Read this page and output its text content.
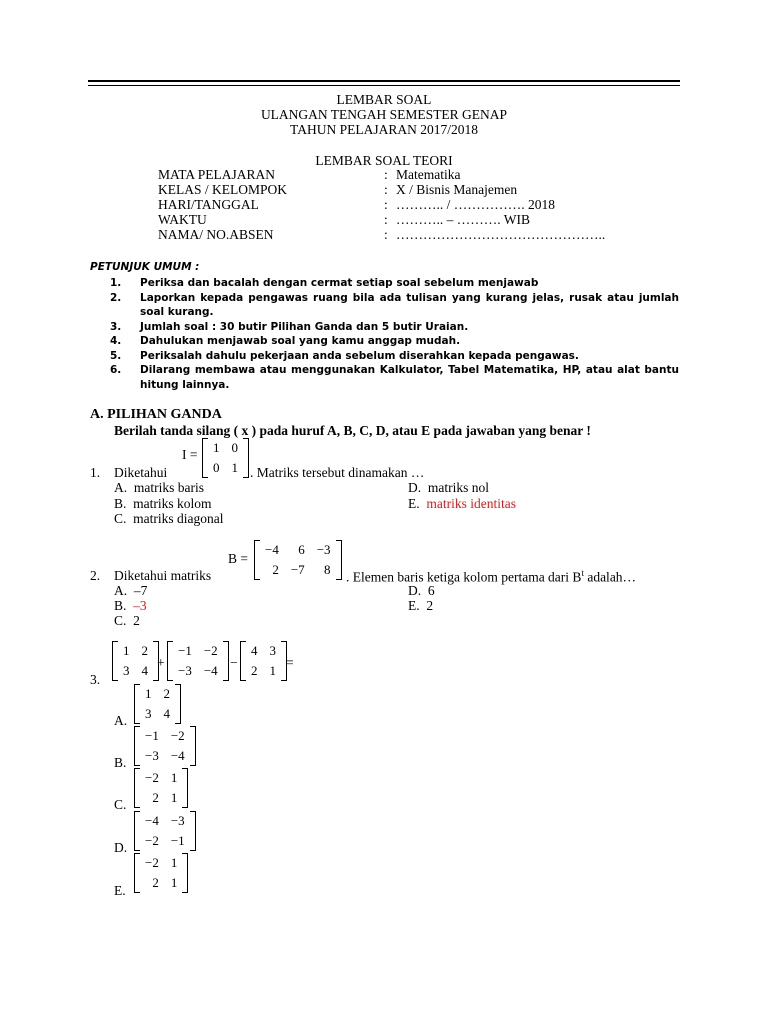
LEMBAR SOAL
ULANGAN TENGAH SEMESTER GENAP
TAHUN PELAJARAN 2017/2018
LEMBAR SOAL TEORI
MATA PELAJARAN	: Matematika
KELAS / KELOMPOK	: X / Bisnis Manajemen
HARI/TANGGAL	: ……….. / ……………. 2018
WAKTU	: ……….. – ………. WIB
NAMA/ NO.ABSEN	: ………………………………………..
PETUNJUK UMUM :
1. Periksa dan bacalah dengan cermat setiap soal sebelum menjawab
2. Laporkan kepada pengawas ruang bila ada tulisan yang kurang jelas, rusak atau jumlah soal kurang.
3. Jumlah soal : 30 butir Pilihan Ganda dan 5 butir Uraian.
4. Dahulukan menjawab soal yang kamu anggap mudah.
5. Periksalah dahulu pekerjaan anda sebelum diserahkan kepada pengawas.
6. Dilarang membawa atau menggunakan Kalkulator, Tabel Matematika, HP, atau alat bantu hitung lainnya.
A. PILIHAN GANDA
Berilah tanda silang ( x ) pada huruf A, B, C, D, atau E pada jawaban yang benar !
I = 1	0
0	1
1. Diketahui	. Matriks tersebut dinamakan …
A. matriks baris
B. matriks kolom
C. matriks diagonal
D. matriks nol
E. matriks identitas
B =
−4	6	−3
2	−7	8
2. Diketahui matriks	. Elemen baris ketiga kolom pertama dari $B^t$ adalah…
A. –7
B. –3
C. 2
D. 6
E. 2
1	2
3	4
+
−1	−2
−3	−4
−
4	3
2	1
=
3.
A.
1	2
3	4
B.
−1	−2
−3	−4
C.
−2	1
2	1
D.
−4	−3
−2	−1
E.
−2	1
2	1
